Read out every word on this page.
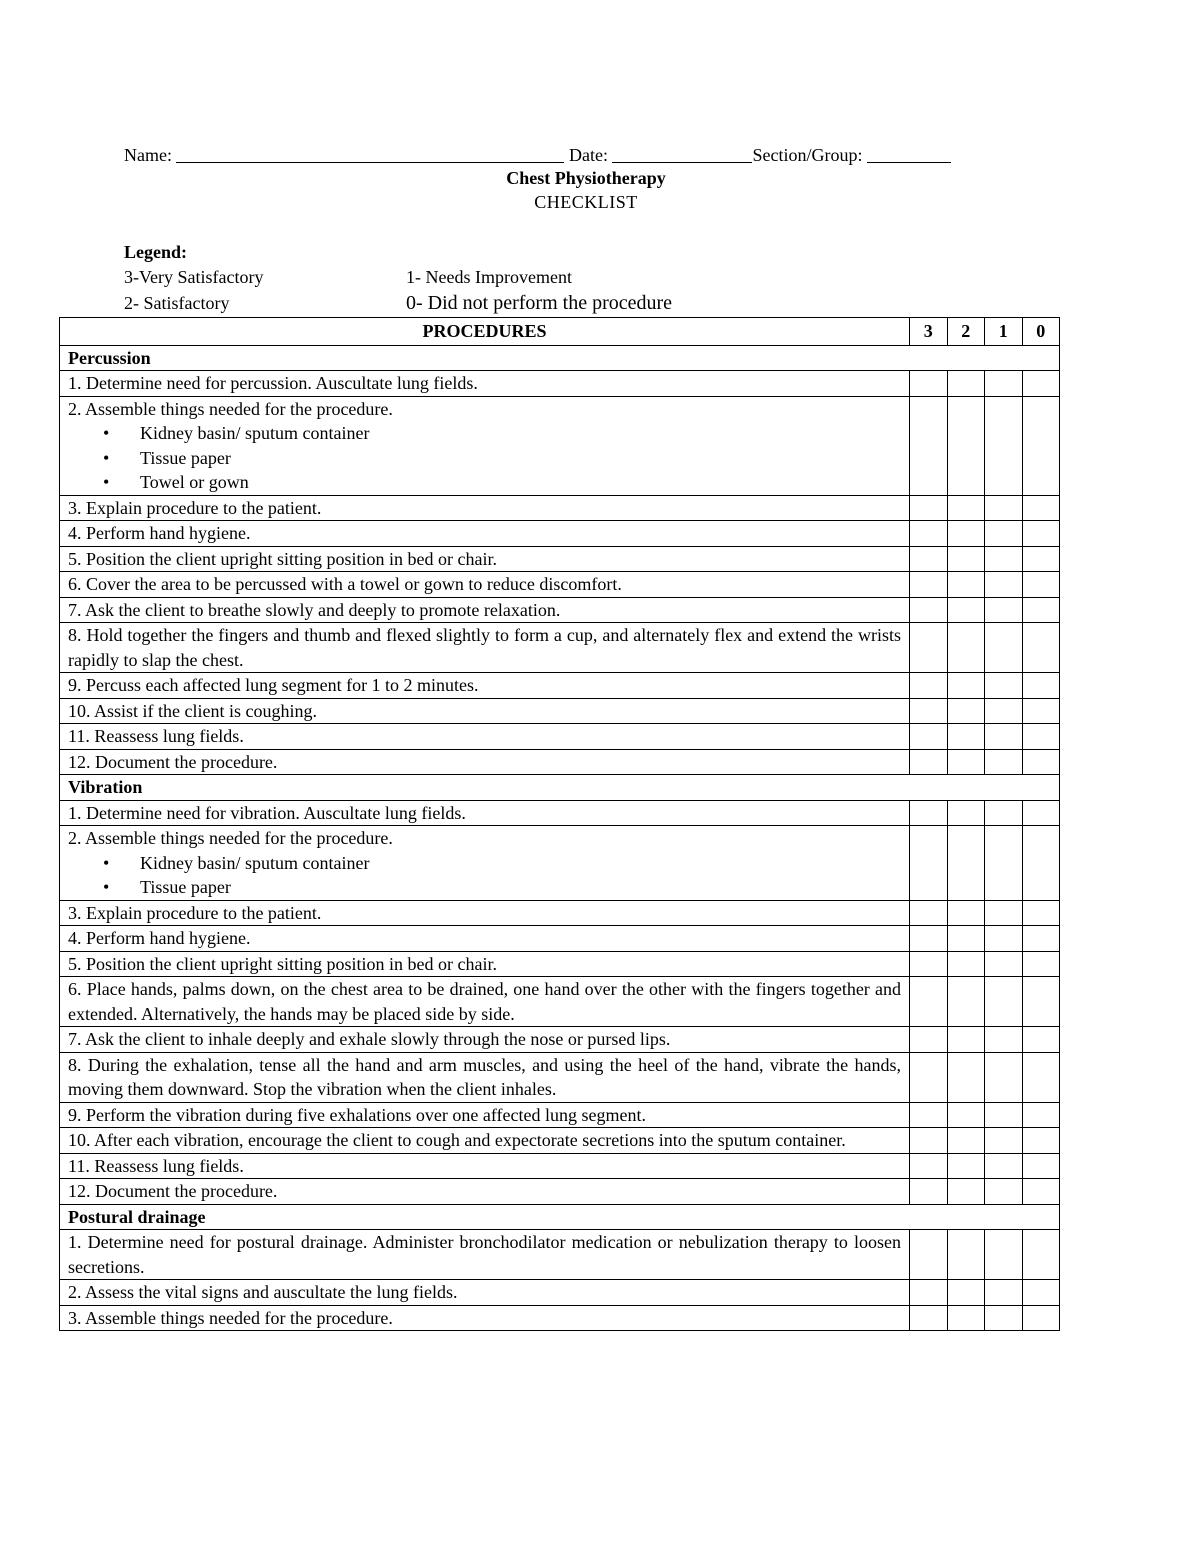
Name:	Date:	Section/Group:
Chest Physiotherapy
CHECKLIST
Legend:
3-Very Satisfactory	1- Needs Improvement
2- Satisfactory	0- Did not perform the procedure
PROCEDURES	3	2	1	0
Percussion				
1. Determine need for percussion. Auscultate lung fields.				
2. Assemble things needed for the procedure.
• Kidney basin/ sputum container
• Tissue paper
• Towel or gown

3. Explain procedure to the patient.				
4. Perform hand hygiene.				
5. Position the client upright sitting position in bed or chair.				
6. Cover the area to be percussed with a towel or gown to reduce discomfort.				
7. Ask the client to breathe slowly and deeply to promote relaxation.				
8. Hold together the fingers and thumb and flexed slightly to form a cup, and alternately flex and extend the wrists rapidly to slap the chest.				
9. Percuss each affected lung segment for 1 to 2 minutes.				
10. Assist if the client is coughing.				
11. Reassess lung fields.				
12. Document the procedure.				
Vibration				
1. Determine need for vibration. Auscultate lung fields.				
2. Assemble things needed for the procedure.
• Kidney basin/ sputum container
• Tissue paper

3. Explain procedure to the patient.				
4. Perform hand hygiene.				
5. Position the client upright sitting position in bed or chair.				
6. Place hands, palms down, on the chest area to be drained, one hand over the other with the fingers together and extended. Alternatively, the hands may be placed side by side.				
7. Ask the client to inhale deeply and exhale slowly through the nose or pursed lips.				
8. During the exhalation, tense all the hand and arm muscles, and using the heel of the hand, vibrate the hands, moving them downward. Stop the vibration when the client inhales.				
9. Perform the vibration during five exhalations over one affected lung segment.				
10. After each vibration, encourage the client to cough and expectorate secretions into the sputum container.				
11. Reassess lung fields.				
12. Document the procedure.				
Postural drainage				
1. Determine need for postural drainage. Administer bronchodilator medication or nebulization therapy to loosen secretions.				
2. Assess the vital signs and auscultate the lung fields.				
3. Assemble things needed for the procedure.				
